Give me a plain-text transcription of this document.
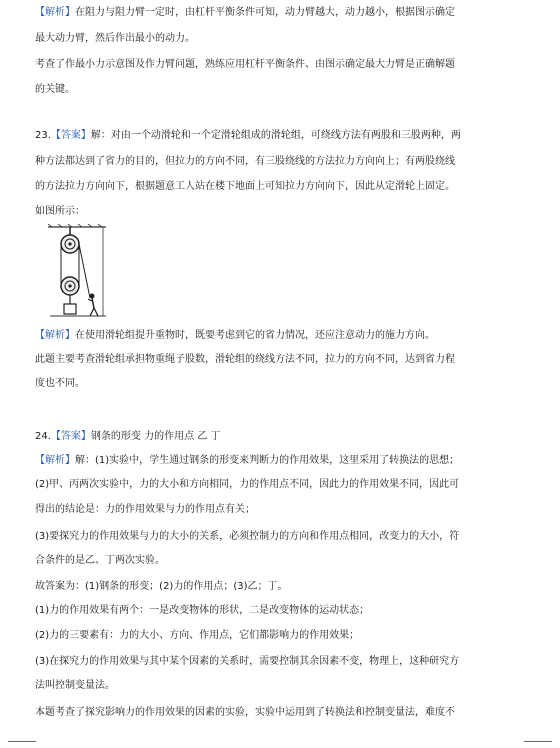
【解析】在阻力与阻力臂一定时，由杠杆平衡条件可知，动力臂越大，动力越小，根据图示确定
最大动力臂，然后作出最小的动力。
考查了作最小力示意图及作力臂问题，熟练应用杠杆平衡条件、由图示确定最大力臂是正确解题
的关键。
23.【答案】解：对由一个动滑轮和一个定滑轮组成的滑轮组，可绕线方法有两股和三股两种，两
种方法都达到了省力的目的，但拉力的方向不同，有三股绕线的方法拉力方向向上；有两股绕线
的方法拉力方向向下，根据题意工人站在楼下地面上可知拉力方向向下，因此从定滑轮上固定。
如图所示：
【解析】在使用滑轮组提升重物时，既要考虑到它的省力情况，还应注意动力的施力方向。
此题主要考查滑轮组承担物重绳子股数，滑轮组的绕线方法不同，拉力的方向不同，达到省力程
度也不同。
24.【答案】钢条的形变 力的作用点 乙 丁
【解析】解：(1)实验中，学生通过钢条的形变来判断力的作用效果，这里采用了转换法的思想；
(2)甲、丙两次实验中，力的大小和方向相同，力的作用点不同，因此力的作用效果不同，因此可
得出的结论是：力的作用效果与力的作用点有关；
(3)要探究力的作用效果与力的大小的关系，必须控制力的方向和作用点相同，改变力的大小，符
合条件的是乙、丁两次实验。
故答案为：(1)钢条的形变；(2)力的作用点；(3)乙；丁。
(1)力的作用效果有两个：一是改变物体的形状，二是改变物体的运动状态；
(2)力的三要素有：力的大小、方向、作用点，它们都影响力的作用效果；
(3)在探究力的作用效果与其中某个因素的关系时，需要控制其余因素不变，物理上，这种研究方
法叫控制变量法。
本题考查了探究影响力的作用效果的因素的实验，实验中运用到了转换法和控制变量法，难度不
